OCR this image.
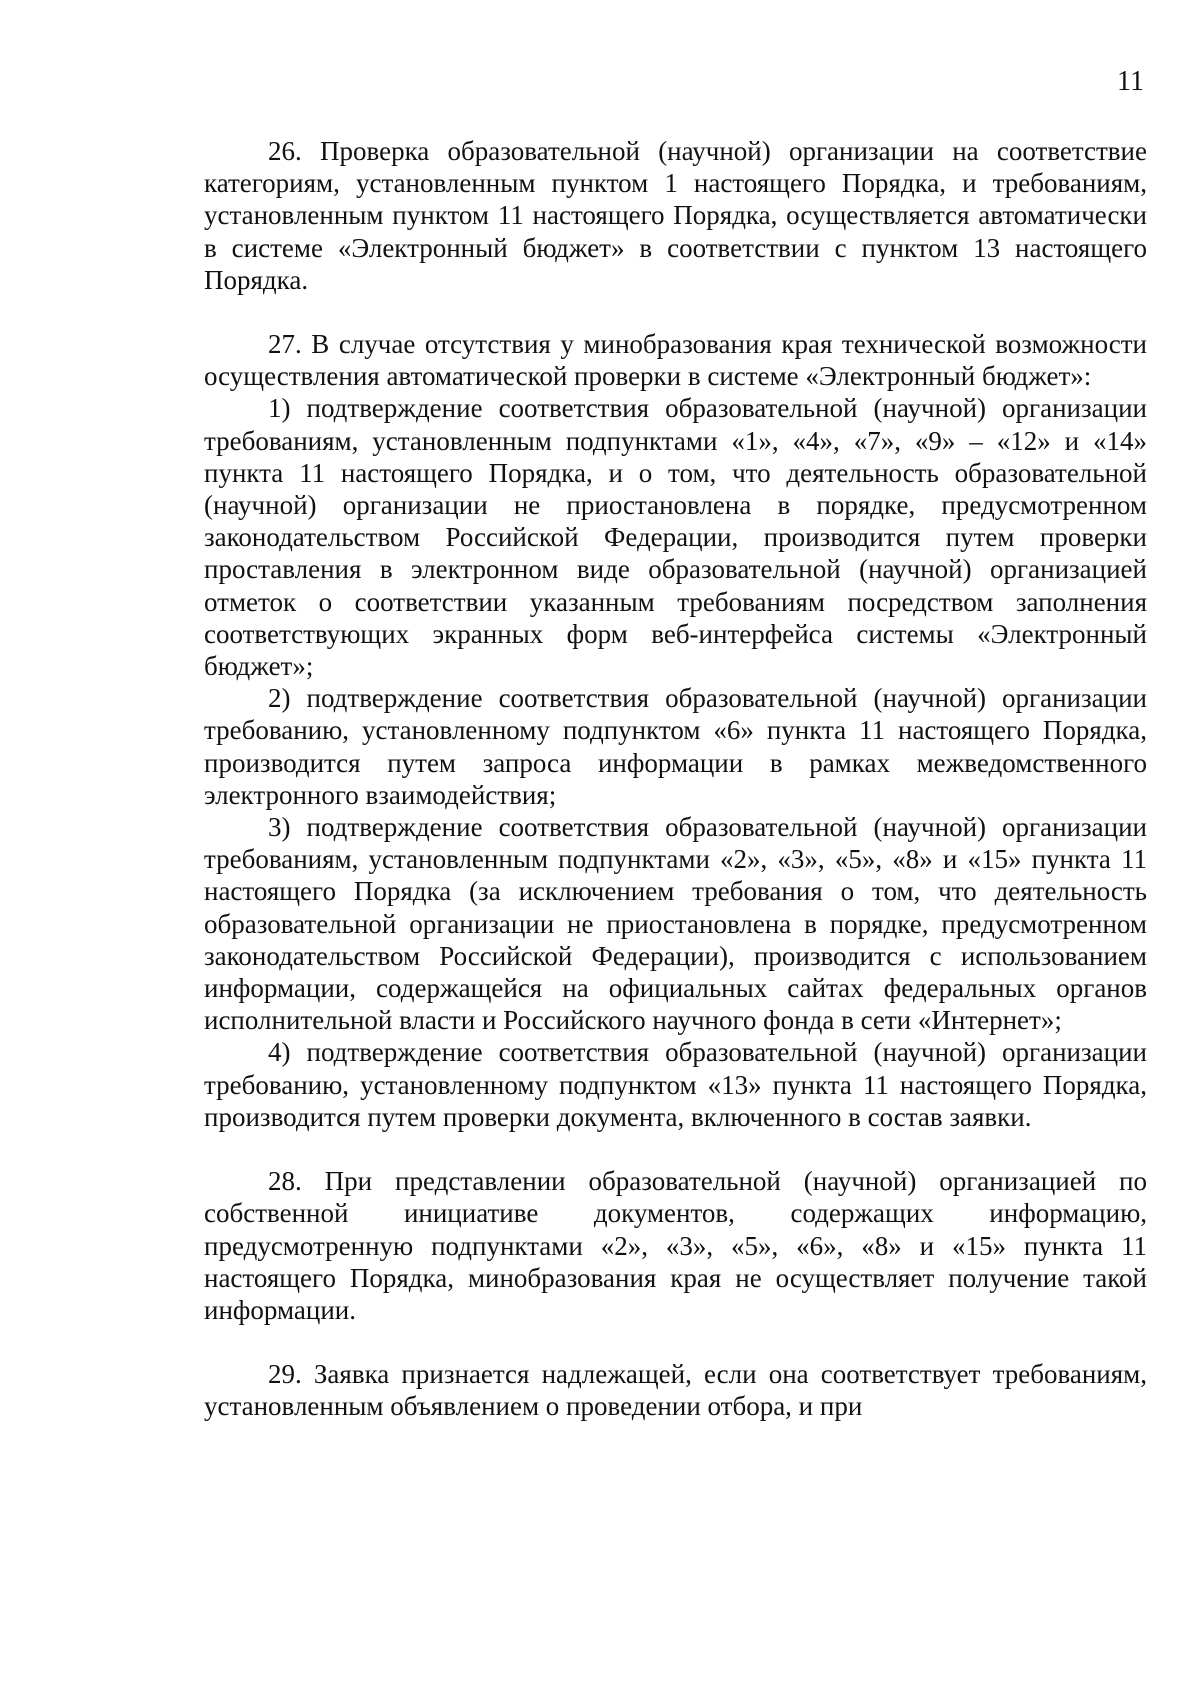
11

26. Проверка образовательной (научной) организации на соответствие категориям, установленным пунктом 1 настоящего Порядка, и требованиям, установленным пунктом 11 настоящего Порядка, осуществляется автоматически в системе «Электронный бюджет» в соответствии с пунктом 13 настоящего Порядка.

27. В случае отсутствия у минобразования края технической возможности осуществления автоматической проверки в системе «Электронный бюджет»:

1) подтверждение соответствия образовательной (научной) организации требованиям, установленным подпунктами «1», «4», «7», «9» – «12» и «14» пункта 11 настоящего Порядка, и о том, что деятельность образовательной (научной) организации не приостановлена в порядке, предусмотренном законодательством Российской Федерации, производится путем проверки проставления в электронном виде образовательной (научной) организацией отметок о соответствии указанным требованиям посредством заполнения соответствующих экранных форм веб-интерфейса системы «Электронный бюджет»;

2) подтверждение соответствия образовательной (научной) организации требованию, установленному подпунктом «6» пункта 11 настоящего Порядка, производится путем запроса информации в рамках межведомственного электронного взаимодействия;

3) подтверждение соответствия образовательной (научной) организации требованиям, установленным подпунктами «2», «3», «5», «8» и «15» пункта 11 настоящего Порядка (за исключением требования о том, что деятельность образовательной организации не приостановлена в порядке, предусмотренном законодательством Российской Федерации), производится с использованием информации, содержащейся на официальных сайтах федеральных органов исполнительной власти и Российского научного фонда в сети «Интернет»;

4) подтверждение соответствия образовательной (научной) организации требованию, установленному подпунктом «13» пункта 11 настоящего Порядка, производится путем проверки документа, включенного в состав заявки.

28. При представлении образовательной (научной) организацией по собственной инициативе документов, содержащих информацию, предусмотренную подпунктами «2», «3», «5», «6», «8» и «15» пункта 11 настоящего Порядка, минобразования края не осуществляет получение такой информации.

29. Заявка признается надлежащей, если она соответствует требованиям, установленным объявлением о проведении отбора, и при
